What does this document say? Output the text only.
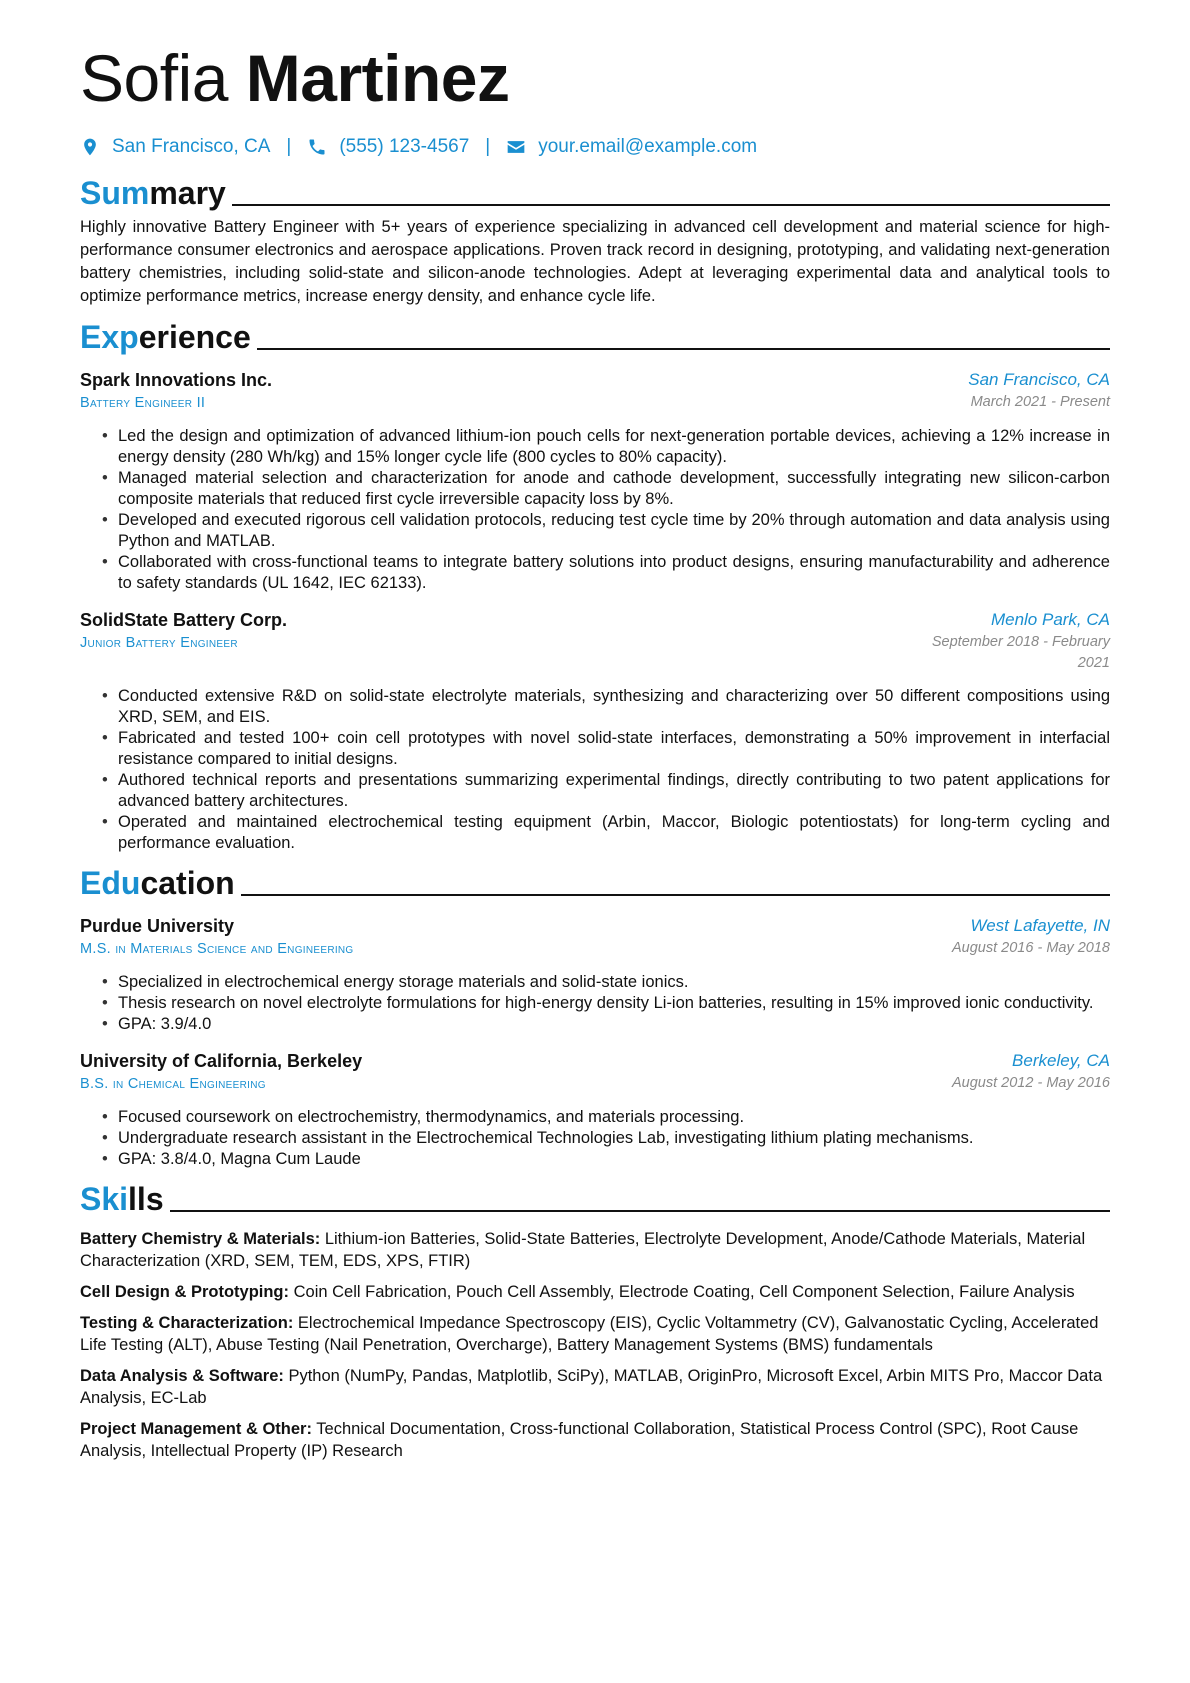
Sofia Martinez
San Francisco, CA |	(555) 123-4567 |	your.email@example.com
Summary

Highly innovative Battery Engineer with 5+ years of experience specializing in advanced cell development and material science for high-performance consumer electronics and aerospace applications. Proven track record in designing, prototyping, and validating next-generation battery chemistries, including solid-state and silicon-anode technologies. Adept at leveraging experimental data and analytical tools to optimize performance metrics, increase energy density, and enhance cycle life.

Experience
Spark Innovations Inc.	San Francisco, CA
Battery Engineer II	March 2021 - Present
• Led the design and optimization of advanced lithium-ion pouch cells for next-generation portable devices, achieving a 12% increase in energy density (280 Wh/kg) and 15% longer cycle life (800 cycles to 80% capacity).
• Managed material selection and characterization for anode and cathode development, successfully integrating new silicon-carbon composite materials that reduced first cycle irreversible capacity loss by 8%.
• Developed and executed rigorous cell validation protocols, reducing test cycle time by 20% through automation and data analysis using Python and MATLAB.
• Collaborated with cross-functional teams to integrate battery solutions into product designs, ensuring manufacturability and adherence to safety standards (UL 1642, IEC 62133).
SolidState Battery Corp.	Menlo Park, CA
Junior Battery Engineer	September 2018 - February 2021
• Conducted extensive R&D on solid-state electrolyte materials, synthesizing and characterizing over 50 different compositions using XRD, SEM, and EIS.
• Fabricated and tested 100+ coin cell prototypes with novel solid-state interfaces, demonstrating a 50% improvement in interfacial resistance compared to initial designs.
• Authored technical reports and presentations summarizing experimental findings, directly contributing to two patent applications for advanced battery architectures.
• Operated and maintained electrochemical testing equipment (Arbin, Maccor, Biologic potentiostats) for long-term cycling and performance evaluation.
Education
Purdue University	West Lafayette, IN
M.S. in Materials Science and Engineering	August 2016 - May 2018
• Specialized in electrochemical energy storage materials and solid-state ionics.
• Thesis research on novel electrolyte formulations for high-energy density Li-ion batteries, resulting in 15% improved ionic conductivity.
• GPA: 3.9/4.0
University of California, Berkeley	Berkeley, CA
B.S. in Chemical Engineering	August 2012 - May 2016
• Focused coursework on electrochemistry, thermodynamics, and materials processing.
• Undergraduate research assistant in the Electrochemical Technologies Lab, investigating lithium plating mechanisms.
• GPA: 3.8/4.0, Magna Cum Laude
Skills

Battery Chemistry & Materials: Lithium-ion Batteries, Solid-State Batteries, Electrolyte Development, Anode/Cathode Materials, Material Characterization (XRD, SEM, TEM, EDS, XPS, FTIR)

Cell Design & Prototyping: Coin Cell Fabrication, Pouch Cell Assembly, Electrode Coating, Cell Component Selection, Failure Analysis

Testing & Characterization: Electrochemical Impedance Spectroscopy (EIS), Cyclic Voltammetry (CV), Galvanostatic Cycling, Accelerated Life Testing (ALT), Abuse Testing (Nail Penetration, Overcharge), Battery Management Systems (BMS) fundamentals

Data Analysis & Software: Python (NumPy, Pandas, Matplotlib, SciPy), MATLAB, OriginPro, Microsoft Excel, Arbin MITS Pro, Maccor Data Analysis, EC-Lab

Project Management & Other: Technical Documentation, Cross-functional Collaboration, Statistical Process Control (SPC), Root Cause Analysis, Intellectual Property (IP) Research
